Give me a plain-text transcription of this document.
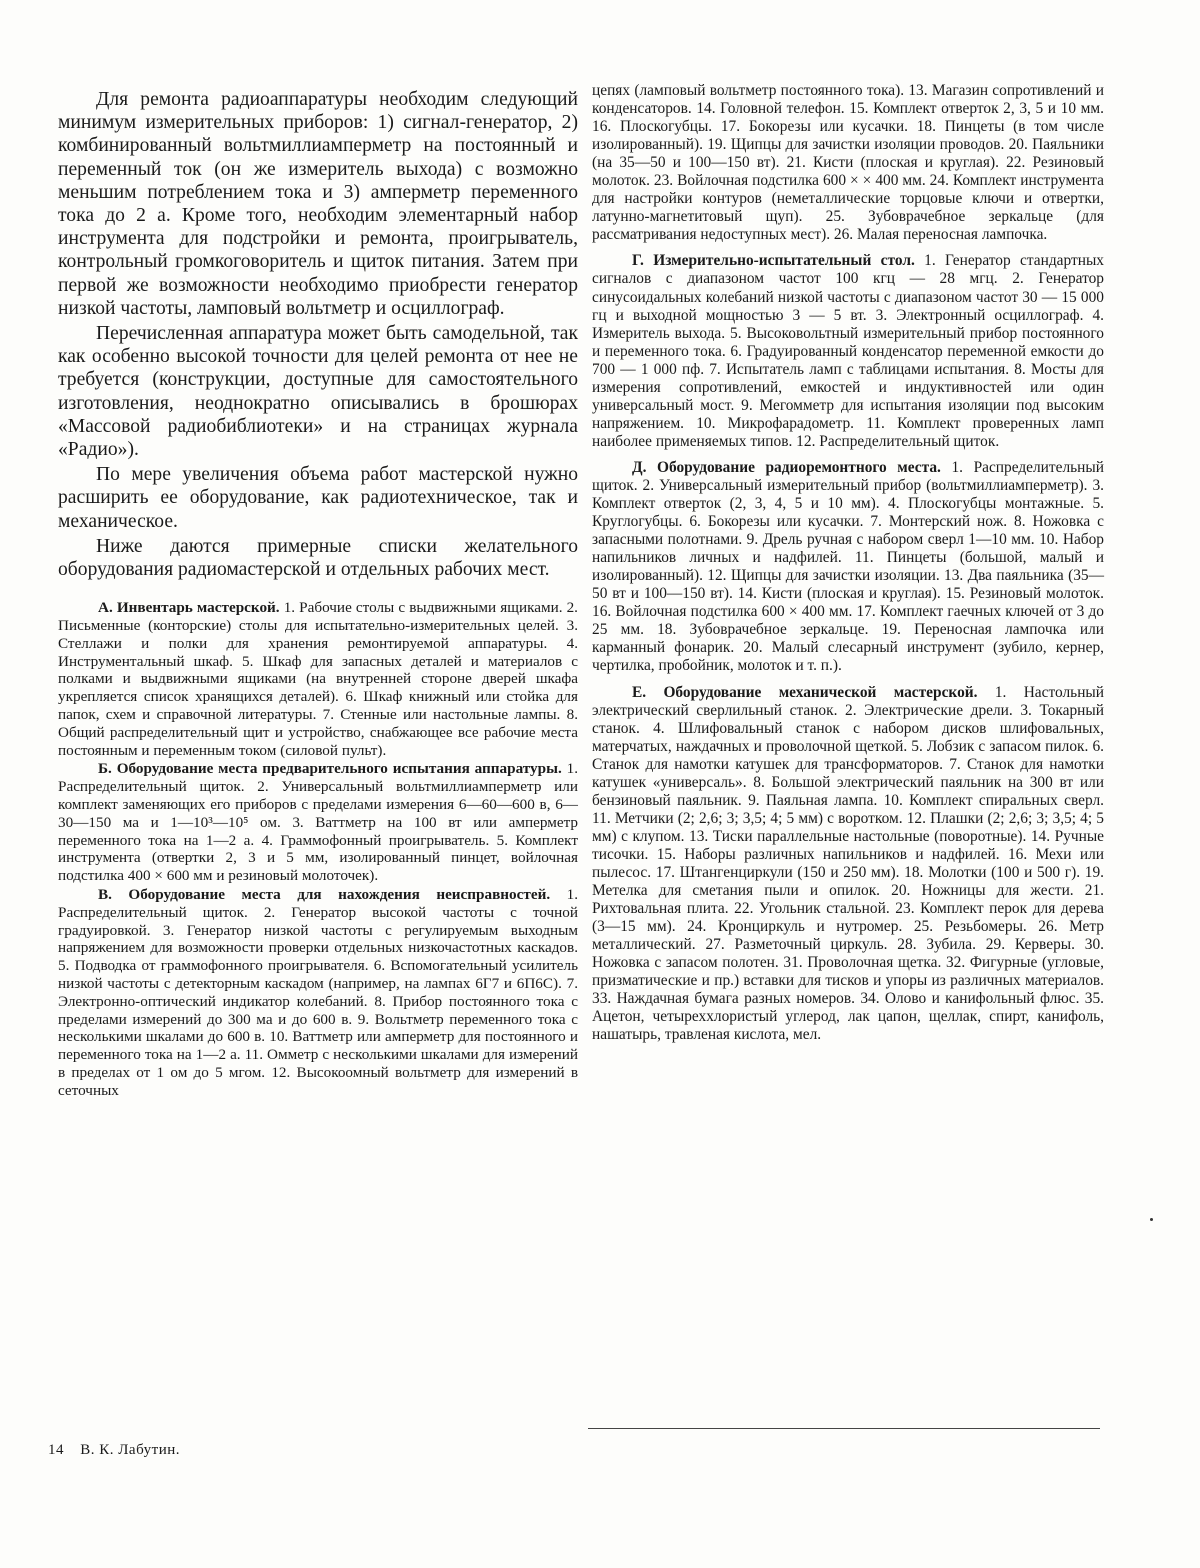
Для ремонта радиоаппаратуры необходим следующий минимум измерительных приборов: 1) сигнал-генератор, 2) комбинированный вольтмиллиамперметр на постоянный и переменный ток (он же измеритель выхода) с возможно меньшим потреблением тока и 3) амперметр переменного тока до 2 а. Кроме того, необходим элементарный набор инструмента для подстройки и ремонта, проигрыватель, контрольный громкоговоритель и щиток питания. Затем при первой же возможности необходимо приобрести генератор низкой частоты, ламповый вольтметр и осциллограф.

Перечисленная аппаратура может быть самодельной, так как особенно высокой точности для целей ремонта от нее не требуется (конструкции, доступные для самостоятельного изготовления, неоднократно описывались в брошюрах «Массовой радиобиблиотеки» и на страницах журнала «Радио»).

По мере увеличения объема работ мастерской нужно расширить ее оборудование, как радиотехническое, так и механическое.

Ниже даются примерные списки желательного оборудования радиомастерской и отдельных рабочих мест.

А. Инвентарь мастерской. 1. Рабочие столы с выдвижными ящиками. 2. Письменные (конторские) столы для испытательно-измерительных целей. 3. Стеллажи и полки для хранения ремонтируемой аппаратуры. 4. Инструментальный шкаф. 5. Шкаф для запасных деталей и материалов с полками и выдвижными ящиками (на внутренней стороне дверей шкафа укрепляется список хранящихся деталей). 6. Шкаф книжный или стойка для папок, схем и справочной литературы. 7. Стенные или настольные лампы. 8. Общий распределительный щит и устройство, снабжающее все рабочие места постоянным и переменным током (силовой пульт).

Б. Оборудование места предварительного испытания аппаратуры. 1. Распределительный щиток. 2. Универсальный вольтмиллиамперметр или комплект заменяющих его приборов с пределами измерения 6—60—600 в, 6—30—150 ма и 1—10³—10⁵ ом. 3. Ваттметр на 100 вт или амперметр переменного тока на 1—2 а. 4. Граммофонный проигрыватель. 5. Комплект инструмента (отвертки 2, 3 и 5 мм, изолированный пинцет, войлочная подстилка 400 × 600 мм и резиновый молоточек).

В. Оборудование места для нахождения неисправностей. 1. Распределительный щиток. 2. Генератор высокой частоты с точной градуировкой. 3. Генератор низкой частоты с регулируемым выходным напряжением для возможности проверки отдельных низкочастотных каскадов. 5. Подводка от граммофонного проигрывателя. 6. Вспомогательный усилитель низкой частоты с детекторным каскадом (например, на лампах 6Г7 и 6П6С). 7. Электронно-оптический индикатор колебаний. 8. Прибор постоянного тока с пределами измерений до 300 ма и до 600 в. 9. Вольтметр переменного тока с несколькими шкалами до 600 в. 10. Ваттметр или амперметр для постоянного и переменного тока на 1—2 а. 11. Омметр с несколькими шкалами для измерений в пределах от 1 ом до 5 мгом. 12. Высокоомный вольтметр для измерений в сеточных

цепях (ламповый вольтметр постоянного тока). 13. Магазин сопротивлений и конденсаторов. 14. Головной телефон. 15. Комплект отверток 2, 3, 5 и 10 мм. 16. Плоскогубцы. 17. Бокорезы или кусачки. 18. Пинцеты (в том числе изолированный). 19. Щипцы для зачистки изоляции проводов. 20. Паяльники (на 35—50 и 100—150 вт). 21. Кисти (плоская и круглая). 22. Резиновый молоток. 23. Войлочная подстилка 600 × × 400 мм. 24. Комплект инструмента для настройки контуров (неметаллические торцовые ключи и отвертки, латунно-магнетитовый щуп). 25. Зубоврачебное зеркальце (для рассматривания недоступных мест). 26. Малая переносная лампочка.

Г. Измерительно-испытательный стол. 1. Генератор стандартных сигналов с диапазоном частот 100 кгц — 28 мгц. 2. Генератор синусоидальных колебаний низкой частоты с диапазоном частот 30 — 15 000 гц и выходной мощностью 3 — 5 вт. 3. Электронный осциллограф. 4. Измеритель выхода. 5. Высоковольтный измерительный прибор постоянного и переменного тока. 6. Градуированный конденсатор переменной емкости до 700 — 1 000 пф. 7. Испытатель ламп с таблицами испытания. 8. Мосты для измерения сопротивлений, емкостей и индуктивностей или один универсальный мост. 9. Мегомметр для испытания изоляции под высоким напряжением. 10. Микрофарадометр. 11. Комплект проверенных ламп наиболее применяемых типов. 12. Распределительный щиток.

Д. Оборудование радиоремонтного места. 1. Распределительный щиток. 2. Универсальный измерительный прибор (вольтмиллиамперметр). 3. Комплект отверток (2, 3, 4, 5 и 10 мм). 4. Плоскогубцы монтажные. 5. Круглогубцы. 6. Бокорезы или кусачки. 7. Монтерский нож. 8. Ножовка с запасными полотнами. 9. Дрель ручная с набором сверл 1—10 мм. 10. Набор напильников личных и надфилей. 11. Пинцеты (большой, малый и изолированный). 12. Щипцы для зачистки изоляции. 13. Два паяльника (35—50 вт и 100—150 вт). 14. Кисти (плоская и круглая). 15. Резиновый молоток. 16. Войлочная подстилка 600 × 400 мм. 17. Комплект гаечных ключей от 3 до 25 мм. 18. Зубоврачебное зеркальце. 19. Переносная лампочка или карманный фонарик. 20. Малый слесарный инструмент (зубило, кернер, чертилка, пробойник, молоток и т. п.).

Е. Оборудование механической мастерской. 1. Настольный электрический сверлильный станок. 2. Электрические дрели. 3. Токарный станок. 4. Шлифовальный станок с набором дисков шлифовальных, матерчатых, наждачных и проволочной щеткой. 5. Лобзик с запасом пилок. 6. Станок для намотки катушек для трансформаторов. 7. Станок для намотки катушек «универсаль». 8. Большой электрический паяльник на 300 вт или бензиновый паяльник. 9. Паяльная лампа. 10. Комплект спиральных сверл. 11. Метчики (2; 2,6; 3; 3,5; 4; 5 мм) с воротком. 12. Плашки (2; 2,6; 3; 3,5; 4; 5 мм) с клупом. 13. Тиски параллельные настольные (поворотные). 14. Ручные тисочки. 15. Наборы различных напильников и надфилей. 16. Мехи или пылесос. 17. Штангенциркули (150 и 250 мм). 18. Молотки (100 и 500 г). 19. Метелка для сметания пыли и опилок. 20. Ножницы для жести. 21. Рихтовальная плита. 22. Угольник стальной. 23. Комплект перок для дерева (3—15 мм). 24. Кронциркуль и нутромер. 25. Резьбомеры. 26. Метр металлический. 27. Разметочный циркуль. 28. Зубила. 29. Керверы. 30. Ножовка с запасом полотен. 31. Проволочная щетка. 32. Фигурные (угловые, призматические и пр.) вставки для тисков и упоры из различных материалов. 33. Наждачная бумага разных номеров. 34. Олово и канифольный флюс. 35. Ацетон, четыреххлористый углерод, лак цапон, щеллак, спирт, канифоль, нашатырь, травленая кислота, мел.

14 В. К. Лабутин.
